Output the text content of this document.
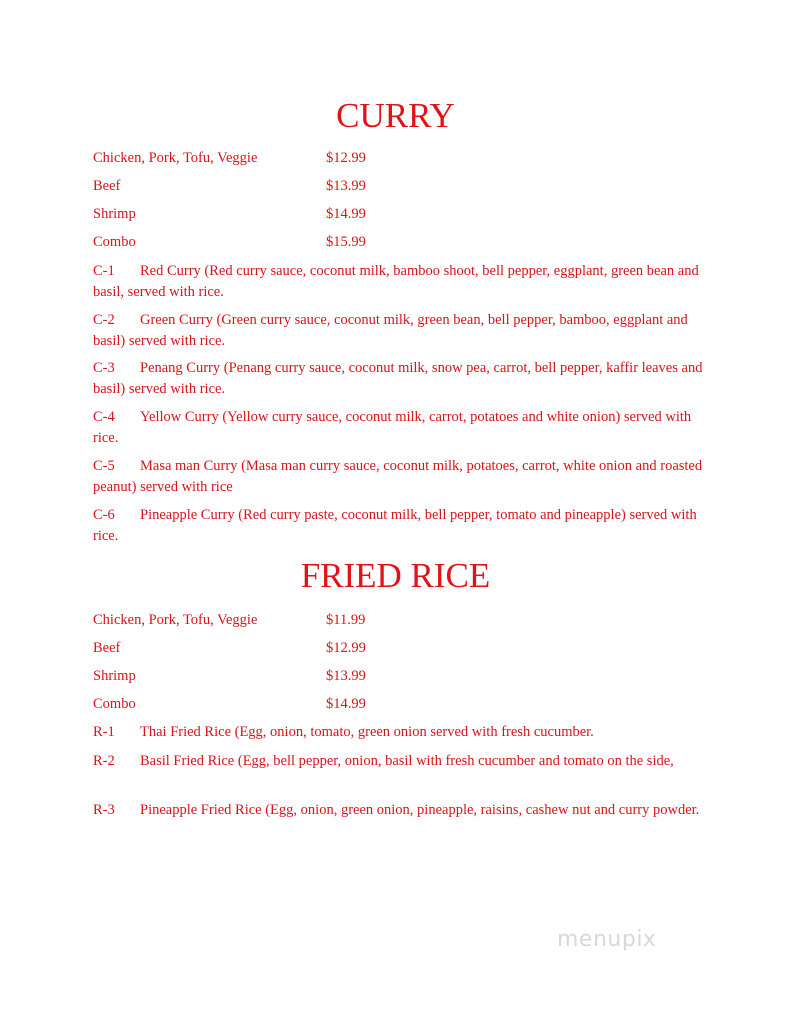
CURRY
Chicken, Pork, Tofu, Veggie	$12.99
Beef	$13.99
Shrimp	$14.99
Combo	$15.99

C-1 Red Curry (Red curry sauce, coconut milk, bamboo shoot, bell pepper, eggplant, green bean and basil, served with rice.

C-2 Green Curry (Green curry sauce, coconut milk, green bean, bell pepper, bamboo, eggplant and basil) served with rice.

C-3 Penang Curry (Penang curry sauce, coconut milk, snow pea, carrot, bell pepper, kaffir leaves and basil) served with rice.

C-4 Yellow Curry (Yellow curry sauce, coconut milk, carrot, potatoes and white onion) served with rice.

C-5 Masa man Curry (Masa man curry sauce, coconut milk, potatoes, carrot, white onion and roasted peanut) served with rice

C-6 Pineapple Curry (Red curry paste, coconut milk, bell pepper, tomato and pineapple) served with rice.

FRIED RICE
Chicken, Pork, Tofu, Veggie	$11.99
Beef	$12.99
Shrimp	$13.99
Combo	$14.99

R-1 Thai Fried Rice (Egg, onion, tomato, green onion served with fresh cucumber.

R-2 Basil Fried Rice (Egg, bell pepper, onion, basil with fresh cucumber and tomato on the side,

R-3 Pineapple Fried Rice (Egg, onion, green onion, pineapple, raisins, cashew nut and curry powder.

menupix
